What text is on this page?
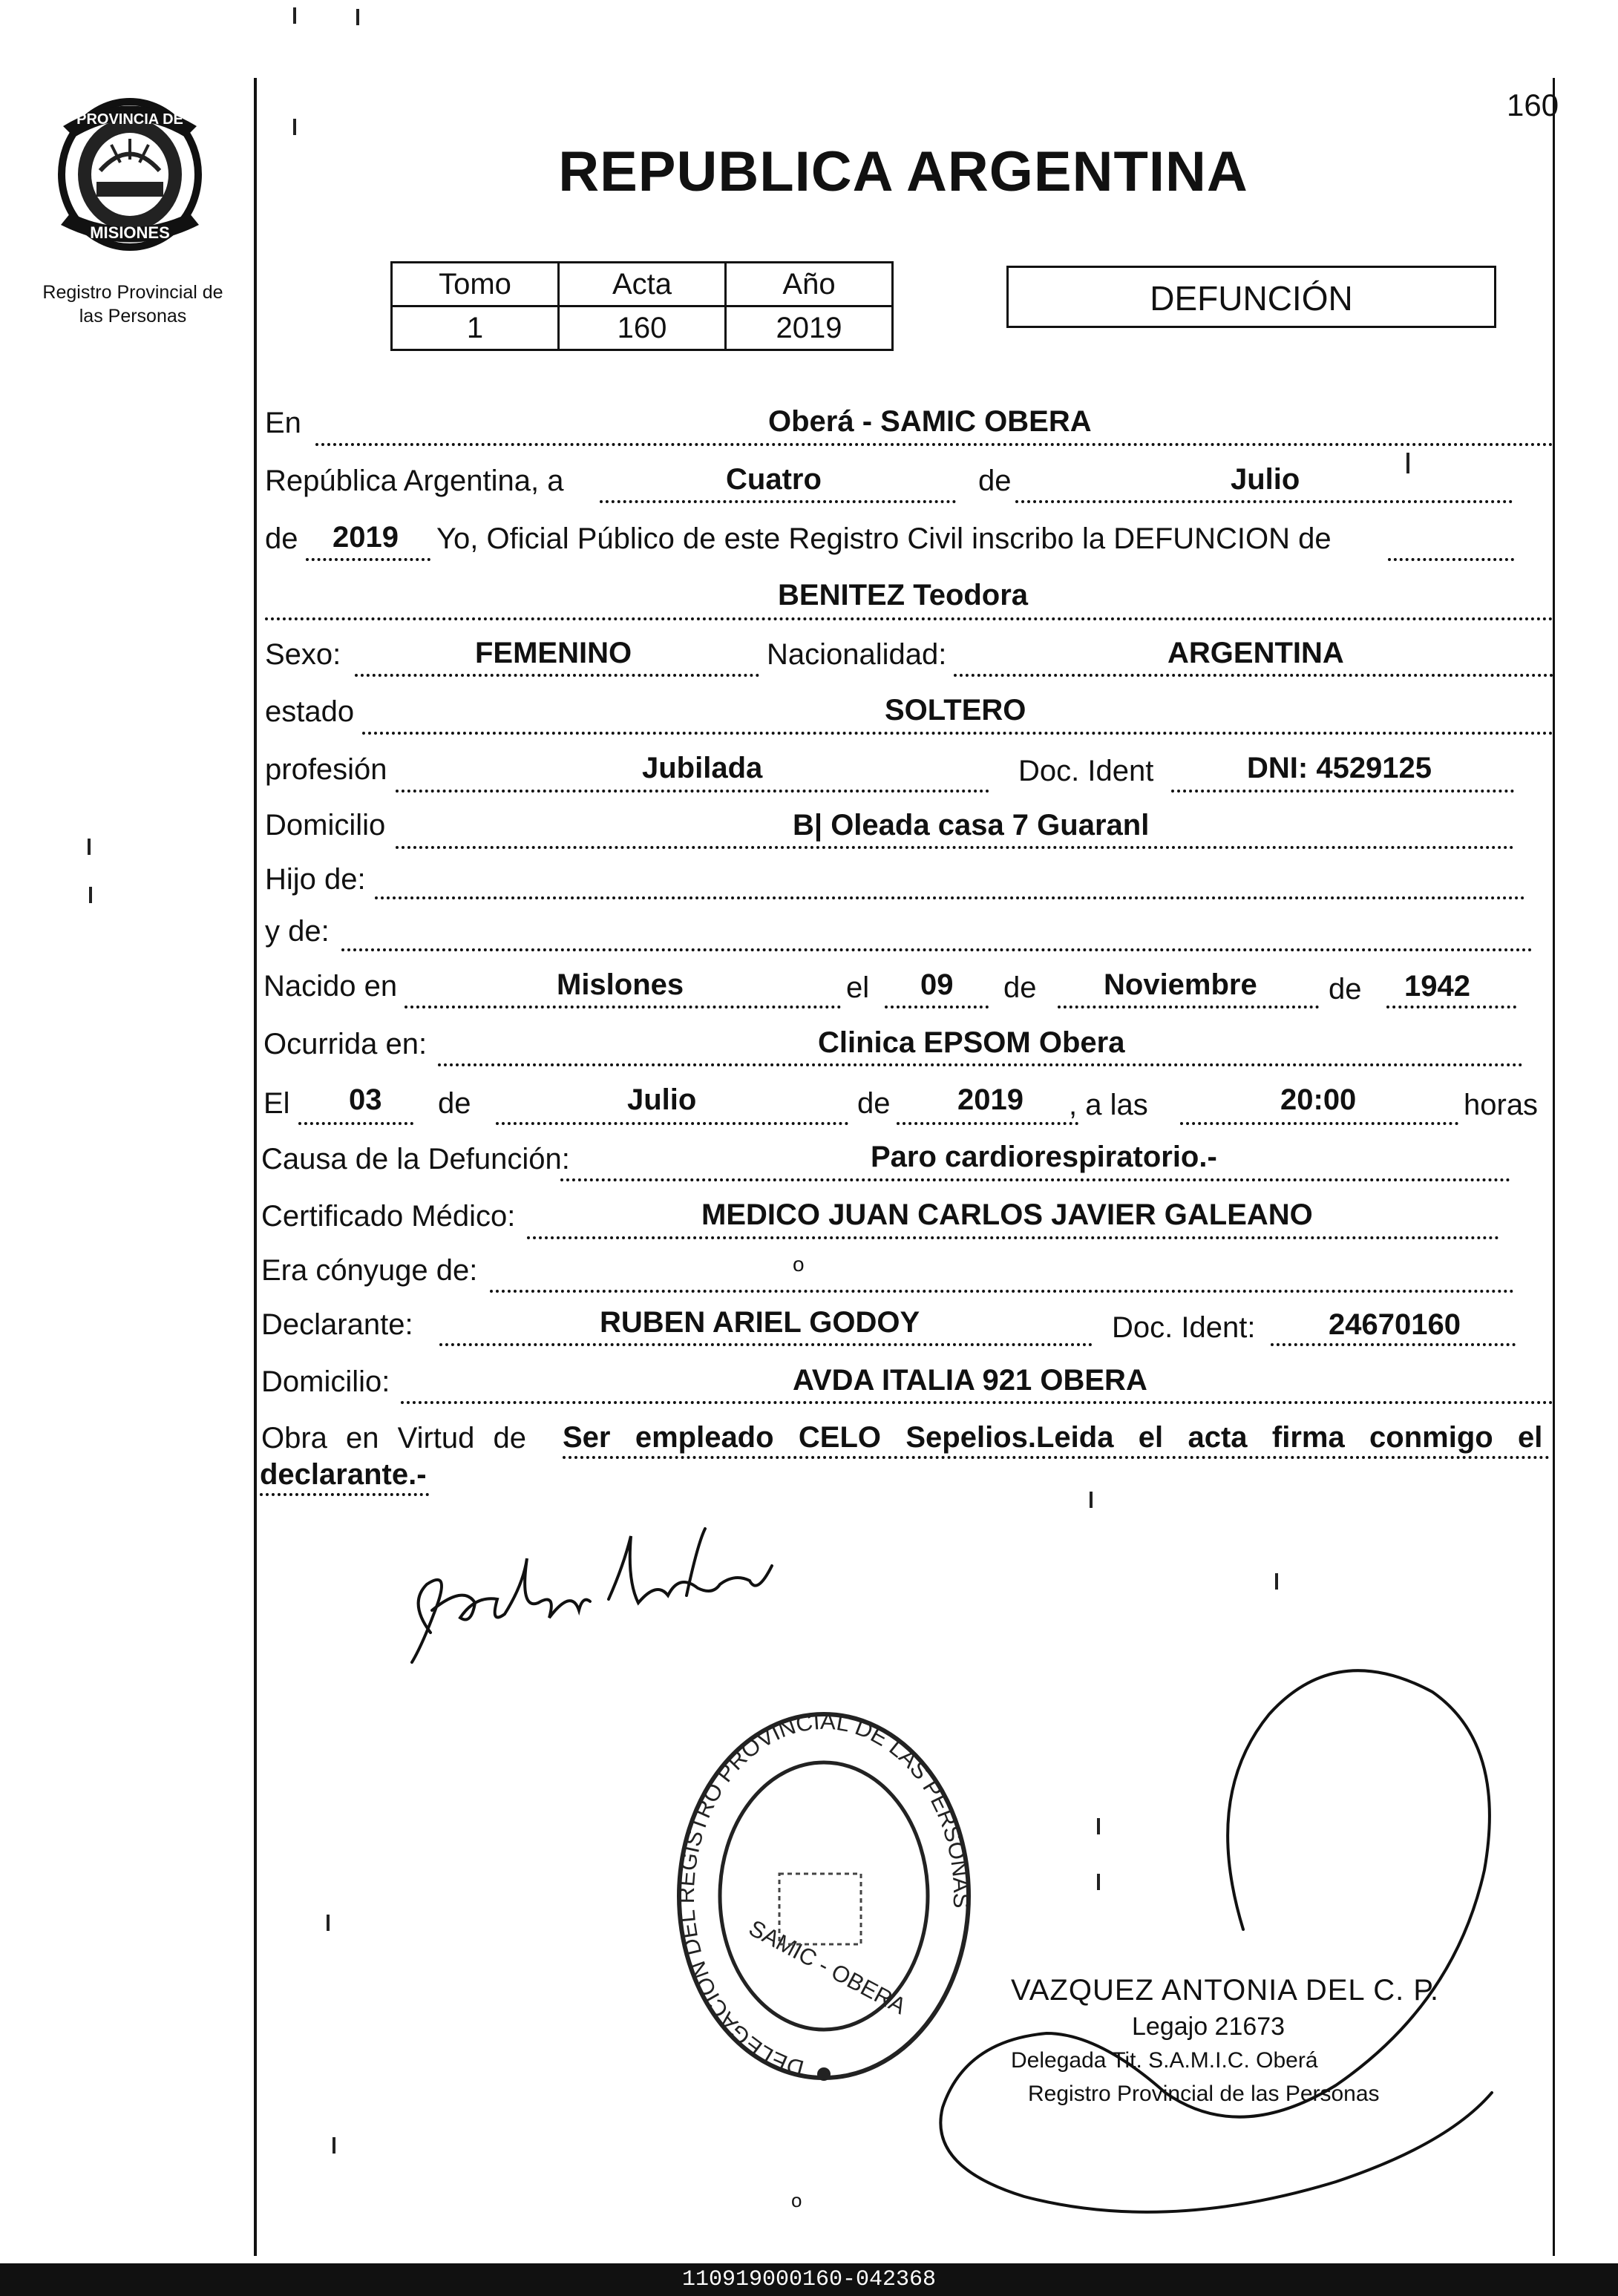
PROVINCIA DE
MISIONES
Registro Provincial de
las Personas
160
REPUBLICA ARGENTINA
Tomo	Acta	Año
1	160	2019
DEFUNCIÓN
En	Oberá - SAMIC OBERA
República Argentina, a	Cuatro	de	Julio
de 2019 Yo, Oficial Público de este Registro Civil inscribo la DEFUNCION de
BENITEZ Teodora
Sexo:	FEMENINO	Nacionalidad:	ARGENTINA
estado	SOLTERO
profesión	Jubilada	Doc. Ident	DNI: 4529125
Domicilio	B| Oleada casa 7 Guaranl
Hijo de:
y de:
Nacido en	Mislones	el 09 de Noviembre de 1942
Ocurrida en:	Clinica EPSOM Obera
El 03 de	Julio	de 2019 , a las	20:00	horas
Causa de la Defunción:	Paro cardiorespiratorio.-
Certificado Médico:	MEDICO JUAN CARLOS JAVIER GALEANO
Era cónyuge de:	o
Declarante:	RUBEN ARIEL GODOY	Doc. Ident: 24670160
Domicilio:	AVDA ITALIA 921 OBERA
Obra en Virtud de Ser   empleado   CELO   Sepelios.Leida   el   acta   firma   conmigo   el
declarante.-
DELEGACION DEL REGISTRO PROVINCIAL DE LAS PERSONAS
SAMIC - OBERA	VAZQUEZ ANTONIA DEL C. P.
Legajo 21673
Delegada Tit. S.A.M.I.C. Oberá
Registro Provincial de las Personas
o
110919000160-042368
